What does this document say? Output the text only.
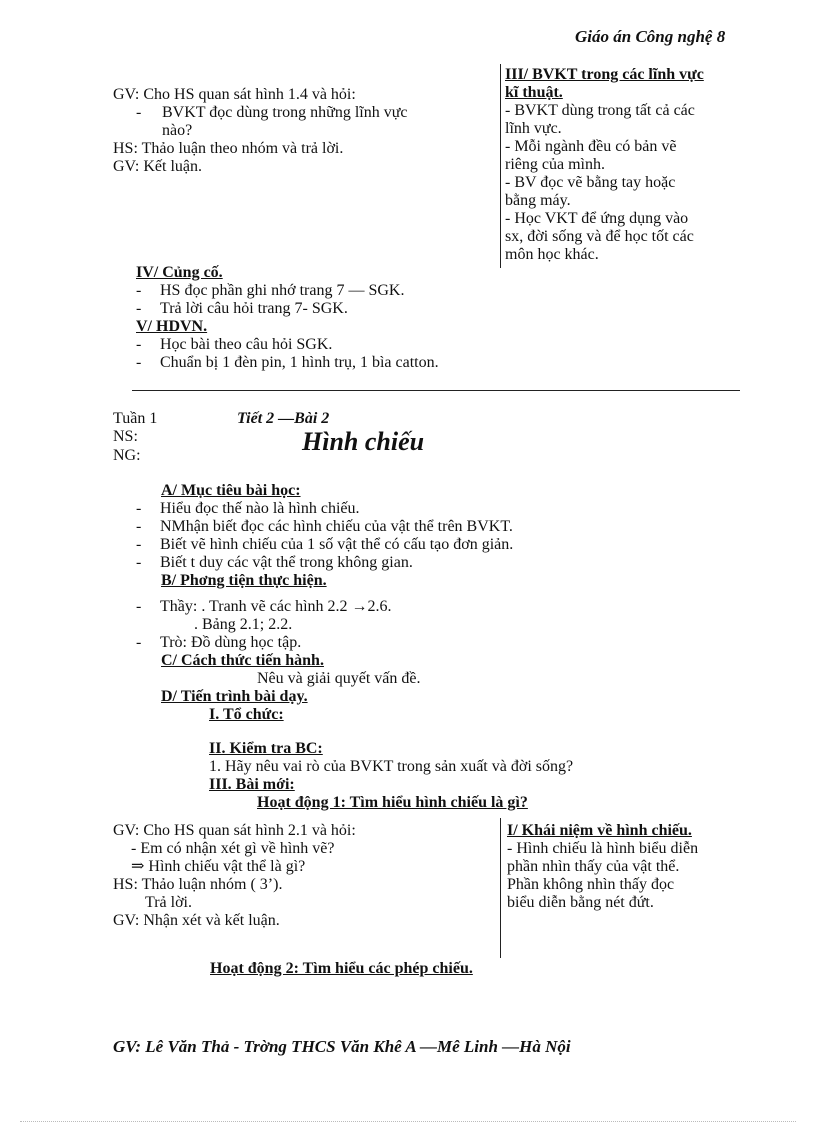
Giáo án Công nghệ 8
GV: Cho HS quan sát hình 1.4 và hỏi:
- BVKT đọc dùng trong những lĩnh vực
nào?
HS: Thảo luận theo nhóm và trả lời.
GV: Kết luận.
III/ BVKT trong các lĩnh vực
kĩ thuật.
- BVKT dùng trong tất cả các
lĩnh vực.
- Mỗi ngành đều có bản vẽ
riêng của mình.
- BV đọc vẽ bằng tay hoặc
bằng máy.
- Học VKT để ứng dụng vào
sx, đời sống và để học tốt các
môn học khác.
IV/ Củng cố.
- HS đọc phần ghi nhớ trang 7 — SGK.
- Trả lời câu hỏi trang 7- SGK.
V/ HDVN.
- Học bài theo câu hỏi SGK.
- Chuẩn bị 1 đèn pin, 1 hình trụ, 1 bìa catton.
Tuần 1	Tiết 2 —Bài 2
NS:
NG:	Hình chiếu
A/ Mục tiêu bài học:
- Hiểu đọc thế nào là hình chiếu.
- NMhận biết đọc các hình chiếu của vật thể trên BVKT.
- Biết vẽ hình chiếu của 1 số vật thể có cấu tạo đơn giản.
- Biết t duy các vật thể trong không gian.
B/ Phơng tiện thực hiện.
- Thầy: . Tranh vẽ các hình 2.2 →2.6.
. Bảng 2.1; 2.2.
- Trò: Đồ dùng học tập.
C/ Cách thức tiến hành.
Nêu và giải quyết vấn đề.
D/ Tiến trình bài dạy.
I. Tổ chức:
II. Kiểm tra BC:
1. Hãy nêu vai rò của BVKT trong sản xuất và đời sống?
III. Bài mới:
Hoạt động 1: Tìm hiểu hình chiếu là gì?
GV: Cho HS quan sát hình 2.1 và hỏi:
- Em có nhận xét gì về hình vẽ?
⇒ Hình chiếu vật thể là gì?
HS: Thảo luận nhóm ( 3’).
Trả lời.
GV: Nhận xét và kết luận.
I/ Khái niệm về hình chiếu.
- Hình chiếu là hình biểu diễn
phần nhìn thấy của vật thể.
Phần không nhìn thấy đọc
biểu diễn bằng nét đứt.
Hoạt động 2: Tìm hiểu các phép chiếu.
GV: Lê Văn Thả - Trờng THCS Văn Khê A —Mê Linh —Hà Nội
